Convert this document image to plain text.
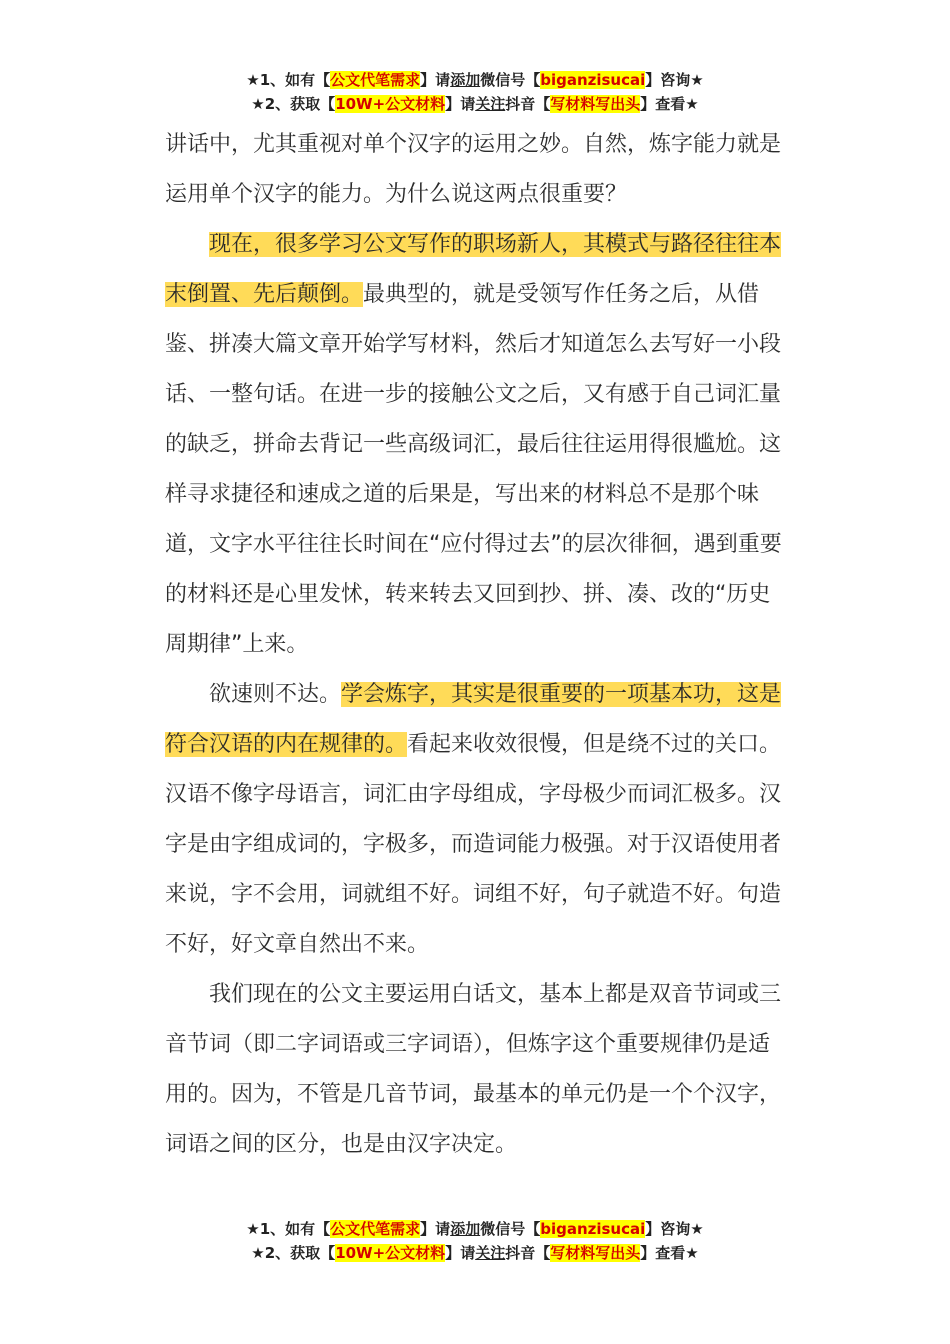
★1、如有【公文代笔需求】请添加微信号【biganzisucai】咨询★
★2、获取【10W+公文材料】请关注抖音【写材料写出头】查看★

讲话中，尤其重视对单个汉字的运用之妙。自然，炼字能力就是运用单个汉字的能力。为什么说这两点很重要？

现在，很多学习公文写作的职场新人，其模式与路径往往本末倒置、先后颠倒。最典型的，就是受领写作任务之后，从借鉴、拼凑大篇文章开始学写材料，然后才知道怎么去写好一小段话、一整句话。在进一步的接触公文之后，又有感于自己词汇量的缺乏，拼命去背记一些高级词汇，最后往往运用得很尴尬。这样寻求捷径和速成之道的后果是，写出来的材料总不是那个味道，文字水平往往长时间在“应付得过去”的层次徘徊，遇到重要的材料还是心里发怵，转来转去又回到抄、拼、凑、改的“历史周期律”上来。

欲速则不达。学会炼字，其实是很重要的一项基本功，这是符合汉语的内在规律的。看起来收效很慢，但是绕不过的关口。汉语不像字母语言，词汇由字母组成，字母极少而词汇极多。汉字是由字组成词的，字极多，而造词能力极强。对于汉语使用者来说，字不会用，词就组不好。词组不好，句子就造不好。句造不好，好文章自然出不来。

我们现在的公文主要运用白话文，基本上都是双音节词或三音节词（即二字词语或三字词语），但炼字这个重要规律仍是适用的。因为，不管是几音节词，最基本的单元仍是一个个汉字，词语之间的区分，也是由汉字决定。

★1、如有【公文代笔需求】请添加微信号【biganzisucai】咨询★
★2、获取【10W+公文材料】请关注抖音【写材料写出头】查看★
